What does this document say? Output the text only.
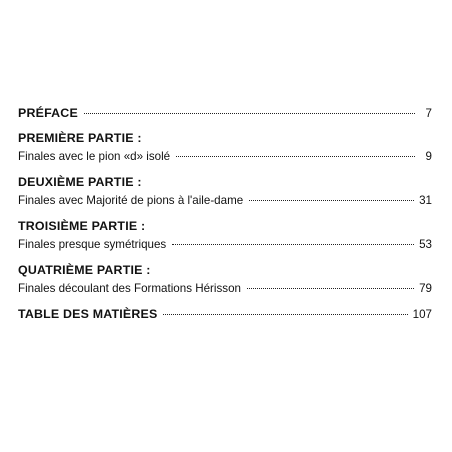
PRÉFACE	7
PREMIÈRE PARTIE :
Finales avec le pion «d» isolé	9
DEUXIÈME PARTIE :
Finales avec Majorité de pions à l'aile-dame	31
TROISIÈME PARTIE :
Finales presque symétriques	53
QUATRIÈME PARTIE :
Finales découlant des Formations Hérisson	79
TABLE DES MATIÈRES	107
